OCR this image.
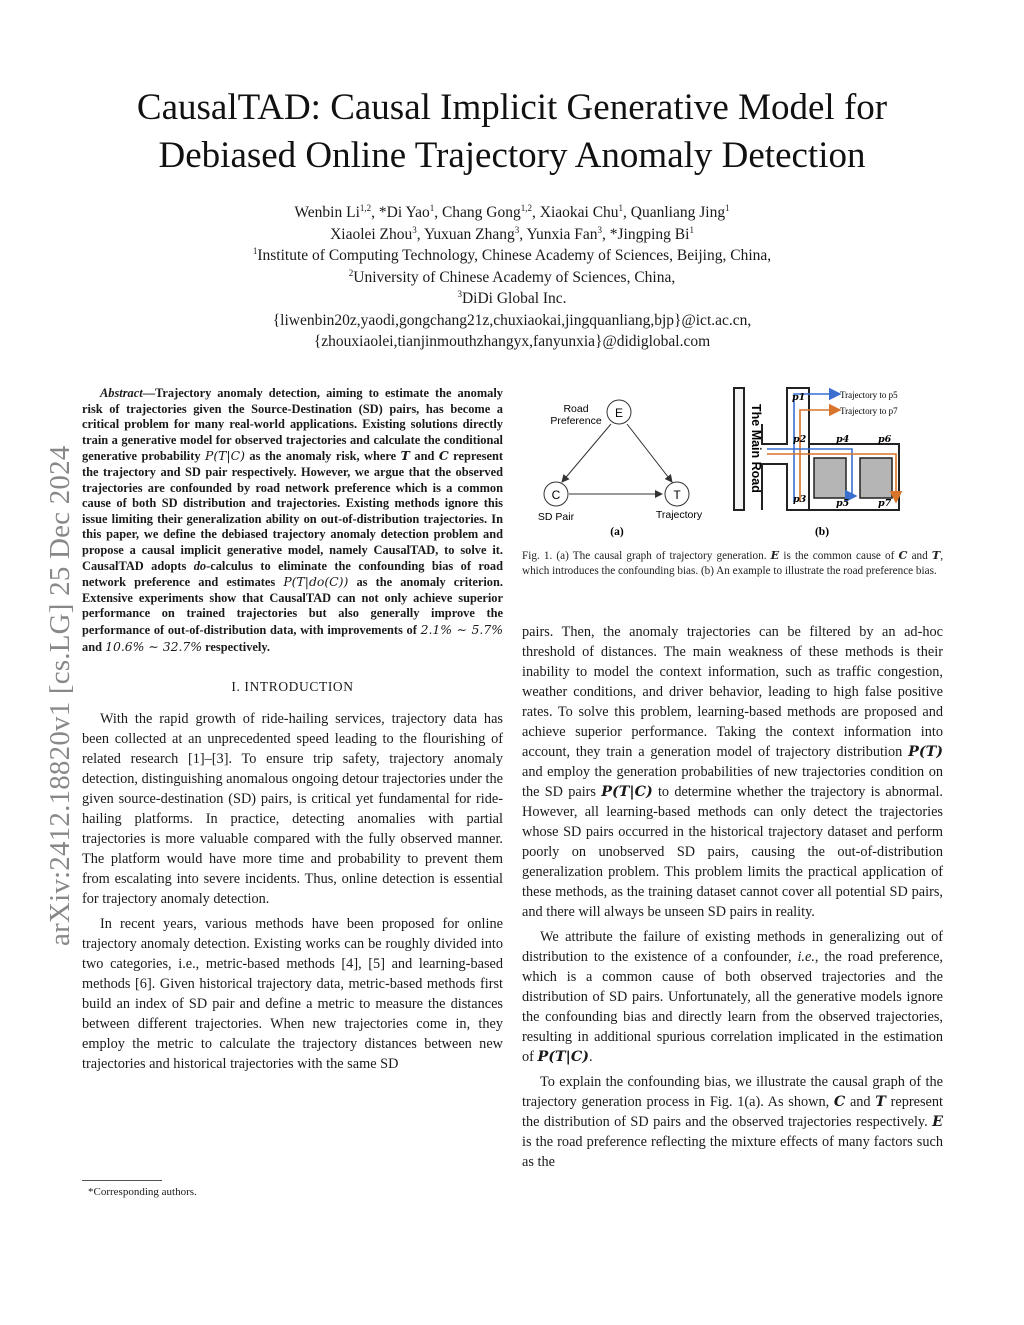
CausalTAD: Causal Implicit Generative Model for
Debiased Online Trajectory Anomaly Detection
Wenbin Li$^{1,2}$, *Di Yao$^1$, Chang Gong$^{1,2}$, Xiaokai Chu$^1$, Quanliang Jing$^1$
Xiaolei Zhou$^3$, Yuxuan Zhang$^3$, Yunxia Fan$^3$, *Jingping Bi$^1$
$^1$Institute of Computing Technology, Chinese Academy of Sciences, Beijing, China,
$^2$University of Chinese Academy of Sciences, China,
$^3$DiDi Global Inc.
{liwenbin20z,yaodi,gongchang21z,chuxiaokai,jingquanliang,bjp}@ict.ac.cn,
{zhouxiaolei,tianjinmouthzhangyx,fanyunxia}@didiglobal.com
arXiv:2412.18820v1 [cs.LG] 25 Dec 2024

Abstract—Trajectory anomaly detection, aiming to estimate the anomaly risk of trajectories given the Source-Destination (SD) pairs, has become a critical problem for many real-world applications. Existing solutions directly train a generative model for observed trajectories and calculate the conditional generative probability P(T|C) as the anomaly risk, where T and C represent the trajectory and SD pair respectively. However, we argue that the observed trajectories are confounded by road network preference which is a common cause of both SD distribution and trajectories. Existing methods ignore this issue limiting their generalization ability on out-of-distribution trajectories. In this paper, we define the debiased trajectory anomaly detection problem and propose a causal implicit generative model, namely CausalTAD, to solve it. CausalTAD adopts do-calculus to eliminate the confounding bias of road network preference and estimates P(T|do(C)) as the anomaly criterion. Extensive experiments show that CausalTAD can not only achieve superior performance on trained trajectories but also generally improve the performance of out-of-distribution data, with improvements of 2.1% ∼ 5.7% and 10.6% ∼ 32.7% respectively.

I. INTRODUCTION

With the rapid growth of ride-hailing services, trajectory data has been collected at an unprecedented speed leading to the flourishing of related research [1]–[3]. To ensure trip safety, trajectory anomaly detection, distinguishing anomalous ongoing detour trajectories under the given source-destination (SD) pairs, is critical yet fundamental for ride-hailing platforms. In practice, detecting anomalies with partial trajectories is more valuable compared with the fully observed manner. The platform would have more time and probability to prevent them from escalating into severe incidents. Thus, online detection is essential for trajectory anomaly detection.

In recent years, various methods have been proposed for online trajectory anomaly detection. Existing works can be roughly divided into two categories, i.e., metric-based methods [4], [5] and learning-based methods [6]. Given historical trajectory data, metric-based methods first build an index of SD pair and define a metric to measure the distances between different trajectories. When new trajectories come in, they employ the metric to calculate the trajectory distances between new trajectories and historical trajectories with the same SD

*Corresponding authors.
E
C	T
Road
Preference
SD Pair	Trajectory
(a)
The Main Road
Trajectory to p5
Trajectory to p7
p1
p2
p3
p4
p5
p6
p7
(b)
Fig. 1. (a) The causal graph of trajectory generation. E is the common cause of C and T, which introduces the confounding bias. (b) An example to illustrate the road preference bias.

pairs. Then, the anomaly trajectories can be filtered by an ad-hoc threshold of distances. The main weakness of these methods is their inability to model the context information, such as traffic congestion, weather conditions, and driver behavior, leading to high false positive rates. To solve this problem, learning-based methods are proposed and achieve superior performance. Taking the context information into account, they train a generation model of trajectory distribution P(T) and employ the generation probabilities of new trajectories condition on the SD pairs P(T|C) to determine whether the trajectory is abnormal. However, all learning-based methods can only detect the trajectories whose SD pairs occurred in the historical trajectory dataset and perform poorly on unobserved SD pairs, causing the out-of-distribution generalization problem. This problem limits the practical application of these methods, as the training dataset cannot cover all potential SD pairs, and there will always be unseen SD pairs in reality.

We attribute the failure of existing methods in generalizing out of distribution to the existence of a confounder, i.e., the road preference, which is a common cause of both observed trajectories and the distribution of SD pairs. Unfortunately, all the generative models ignore the confounding bias and directly learn from the observed trajectories, resulting in additional spurious correlation implicated in the estimation of P(T|C).

To explain the confounding bias, we illustrate the causal graph of the trajectory generation process in Fig. 1(a). As shown, C and T represent the distribution of SD pairs and the observed trajectories respectively. E is the road preference reflecting the mixture effects of many factors such as the
